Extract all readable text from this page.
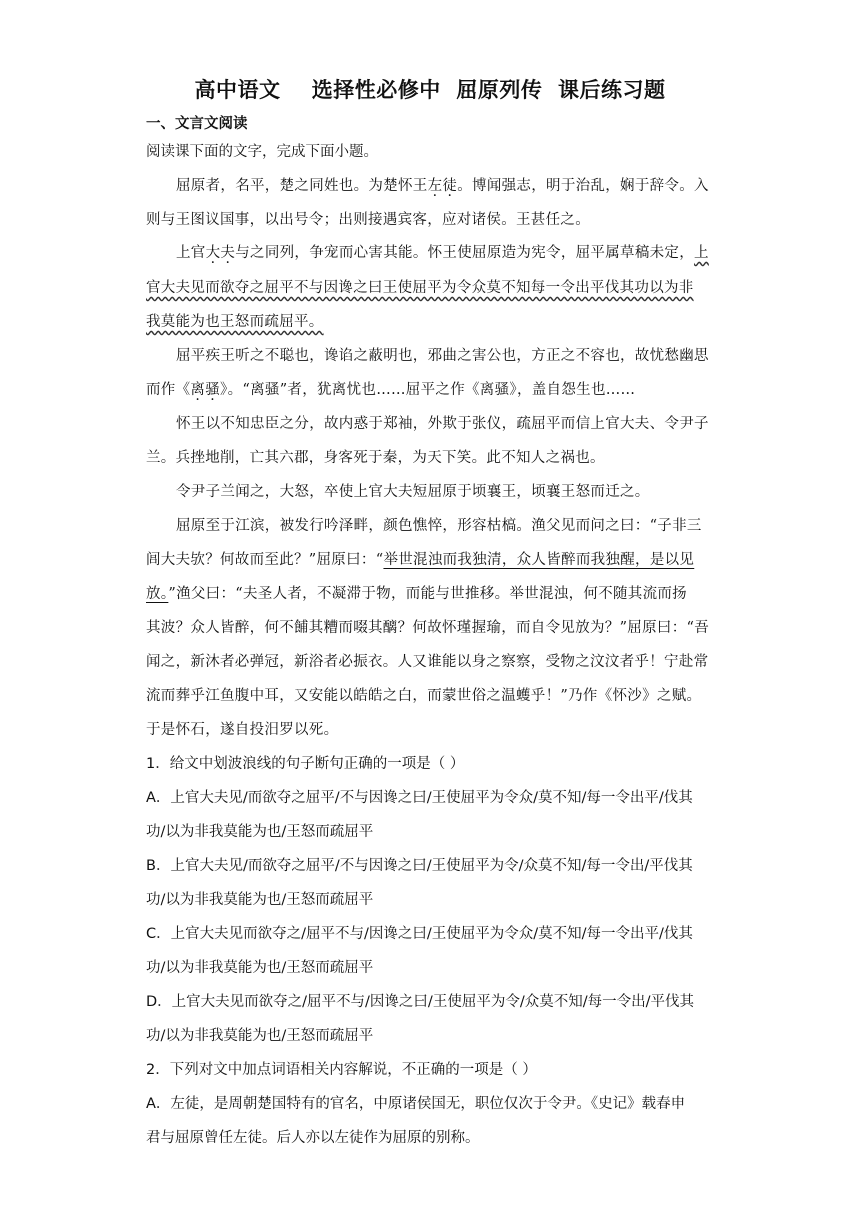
高中语文    选择性必修中  屈原列传  课后练习题
一、文言文阅读
阅读课下面的文字，完成下面小题。
屈原者，名平，楚之同姓也。为楚怀王左徒。博闻强志，明于治乱，娴于辞令。入
则与王图议国事，以出号令；出则接遇宾客，应对诸侯。王甚任之。
上官大夫与之同列，争宠而心害其能。怀王使屈原造为宪令，屈平属草稿未定，上
官大夫见而欲夺之屈平不与因谗之曰王使屈平为令众莫不知每一令出平伐其功以为非
我莫能为也王怒而疏屈平。
屈平疾王听之不聪也，谗谄之蔽明也，邪曲之害公也，方正之不容也，故忧愁幽思
而作《离骚》。“离骚”者，犹离忧也……屈平之作《离骚》，盖自怨生也……
怀王以不知忠臣之分，故内惑于郑袖，外欺于张仪，疏屈平而信上官大夫、令尹子
兰。兵挫地削，亡其六郡，身客死于秦，为天下笑。此不知人之祸也。
令尹子兰闻之，大怒，卒使上官大夫短屈原于顷襄王，顷襄王怒而迁之。
屈原至于江滨，被发行吟泽畔，颜色憔悴，形容枯槁。渔父见而问之曰：“子非三
闾大夫欤？何故而至此？”屈原曰：“举世混浊而我独清，众人皆醉而我独醒，是以见
放。”渔父曰：“夫圣人者，不凝滞于物，而能与世推移。举世混浊，何不随其流而扬
其波？众人皆醉，何不餔其糟而啜其醨？何故怀瑾握瑜，而自令见放为？”屈原曰：“吾
闻之，新沐者必弹冠，新浴者必振衣。人又谁能以身之察察，受物之汶汶者乎！宁赴常
流而葬乎江鱼腹中耳，又安能以皓皓之白，而蒙世俗之温蠖乎！”乃作《怀沙》之赋。
于是怀石，遂自投汨罗以死。
1．给文中划波浪线的句子断句正确的一项是（ ）
A．上官大夫见/而欲夺之屈平/不与因谗之曰/王使屈平为令众/莫不知/每一令出平/伐其
功/以为非我莫能为也/王怒而疏屈平
B．上官大夫见/而欲夺之屈平/不与因谗之曰/王使屈平为令/众莫不知/每一令出/平伐其
功/以为非我莫能为也/王怒而疏屈平
C．上官大夫见而欲夺之/屈平不与/因谗之曰/王使屈平为令众/莫不知/每一令出平/伐其
功/以为非我莫能为也/王怒而疏屈平
D．上官大夫见而欲夺之/屈平不与/因谗之曰/王使屈平为令/众莫不知/每一令出/平伐其
功/以为非我莫能为也/王怒而疏屈平
2．下列对文中加点词语相关内容解说，不正确的一项是（ ）
A．左徒，是周朝楚国特有的官名，中原诸侯国无，职位仅次于令尹。《史记》载春申
君与屈原曾任左徒。后人亦以左徒作为屈原的别称。
